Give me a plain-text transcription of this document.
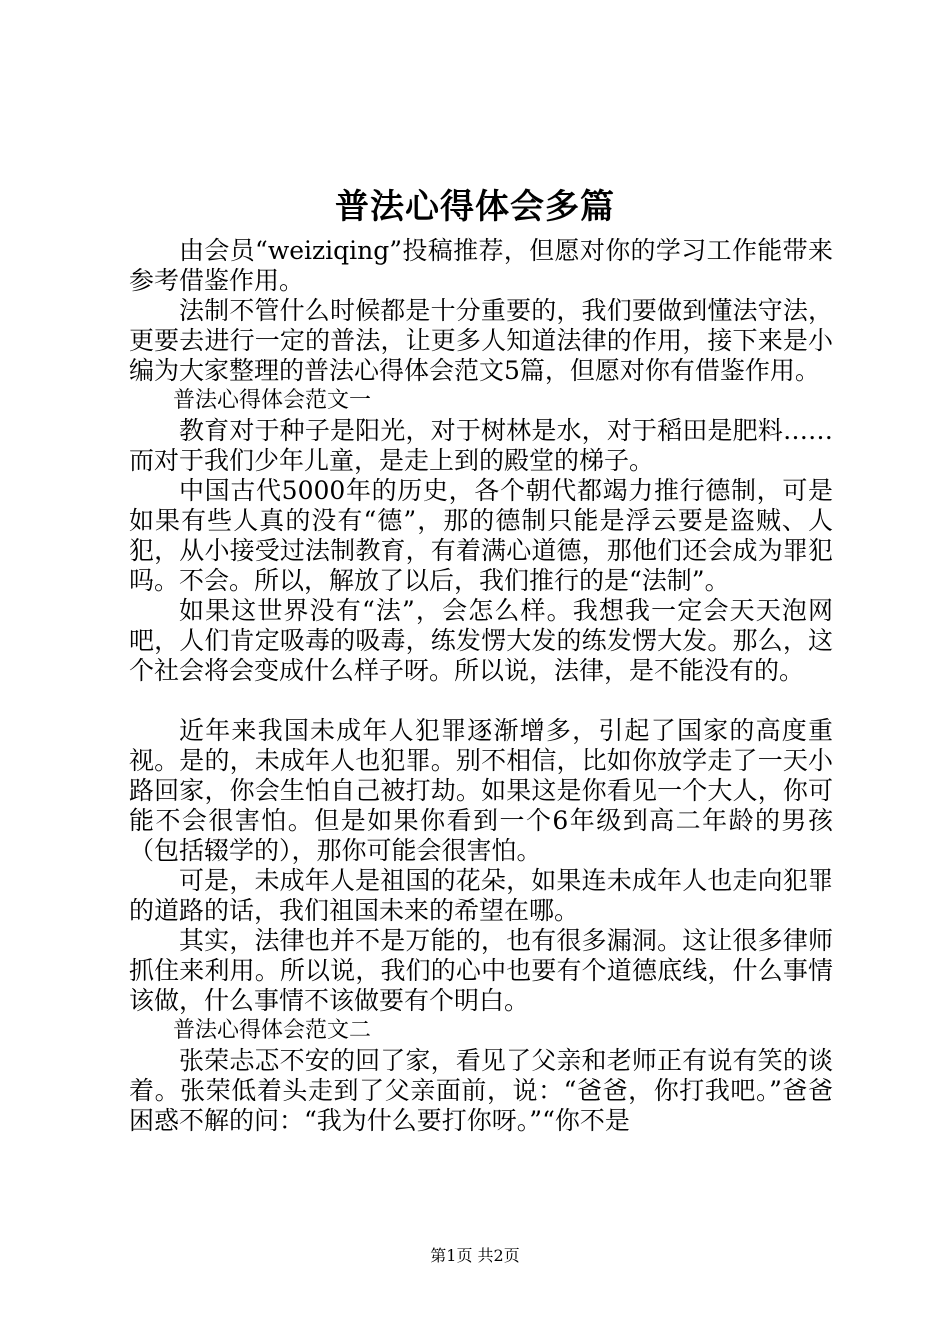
普法心得体会多篇

由会员“weiziqing”投稿推荐，但愿对你的学习工作能带来参考借鉴作用。

法制不管什么时候都是十分重要的，我们要做到懂法守法，更要去进行一定的普法，让更多人知道法律的作用，接下来是小编为大家整理的普法心得体会范文5篇，但愿对你有借鉴作用。

普法心得体会范文一

教育对于种子是阳光，对于树林是水，对于稻田是肥料……而对于我们少年儿童，是走上到的殿堂的梯子。

中国古代5000年的历史，各个朝代都竭力推行德制，可是如果有些人真的没有“德”，那的德制只能是浮云要是盗贼、人犯，从小接受过法制教育，有着满心道德，那他们还会成为罪犯吗。不会。所以，解放了以后，我们推行的是“法制”。

如果这世界没有“法”，会怎么样。我想我一定会天天泡网吧，人们肯定吸毒的吸毒，练发愣大发的练发愣大发。那么，这个社会将会变成什么样子呀。所以说，法律，是不能没有的。

近年来我国未成年人犯罪逐渐增多，引起了国家的高度重视。是的，未成年人也犯罪。别不相信，比如你放学走了一天小路回家，你会生怕自己被打劫。如果这是你看见一个大人，你可能不会很害怕。但是如果你看到一个6年级到高二年龄的男孩（包括辍学的），那你可能会很害怕。

可是，未成年人是祖国的花朵，如果连未成年人也走向犯罪的道路的话，我们祖国未来的希望在哪。

其实，法律也并不是万能的，也有很多漏洞。这让很多律师抓住来利用。所以说，我们的心中也要有个道德底线，什么事情该做，什么事情不该做要有个明白。

普法心得体会范文二

张荣忐忑不安的回了家，看见了父亲和老师正有说有笑的谈着。张荣低着头走到了父亲面前，说：“爸爸，你打我吧。”爸爸困惑不解的问：“我为什么要打你呀。”“你不是

第1页 共2页
